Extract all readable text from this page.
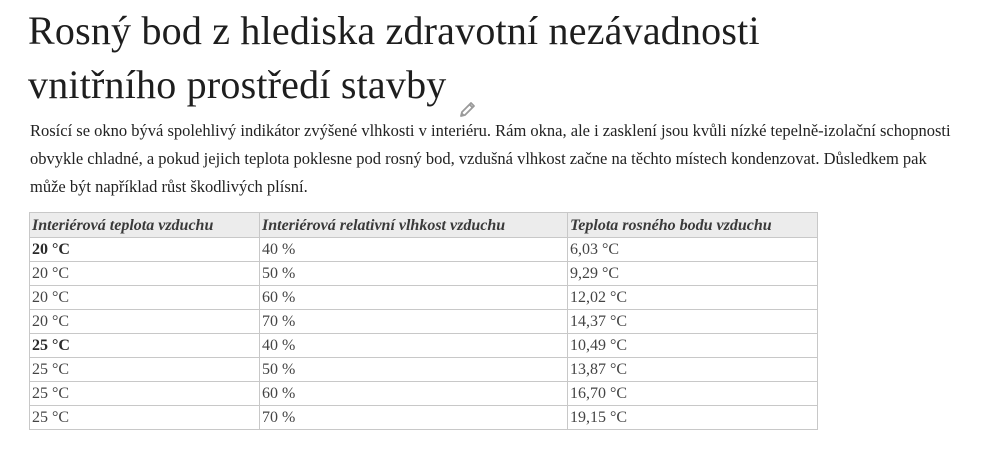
Rosný bod z hlediska zdravotní nezávadnosti
vnitřního prostředí stavby

Rosící se okno bývá spolehlivý indikátor zvýšené vlhkosti v interiéru. Rám okna, ale i zasklení jsou kvůli nízké tepelně-izolační schopnosti obvykle chladné, a pokud jejich teplota poklesne pod rosný bod, vzdušná vlhkost začne na těchto místech kondenzovat. Důsledkem pak může být například růst škodlivých plísní.

Interiérová teplota vzduchu	Interiérová relativní vlhkost vzduchu	Teplota rosného bodu vzduchu
20 °C	40 %	6,03 °C
20 °C	50 %	9,29 °C
20 °C	60 %	12,02 °C
20 °C	70 %	14,37 °C
25 °C	40 %	10,49 °C
25 °C	50 %	13,87 °C
25 °C	60 %	16,70 °C
25 °C	70 %	19,15 °C
